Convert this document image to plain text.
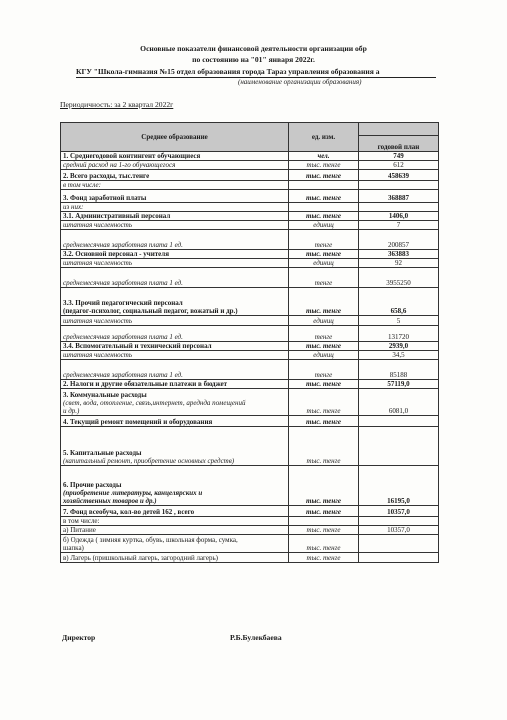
Основные показатели финансовой деятельности организации обр
по состоянию на "01" января 2022г.
КГУ "Школа-гимназия №15 отдел образования города Тараз управления образования а
(наименование организации образования)
Периодичность: за 2 квартал 2022г
Среднее образование	ед. изм.	
		годовой план

1. Среднегодовой контингент обучающиеся	чел.	749

средний расход на 1-го обучающегося	тыс. тенге	612

2. Всего расходы, тыс.тенге	тыс. тенге	458639

в том числе:		

3. Фонд заработной платы	тыс. тенге	368887

из них:		

3.1. Административный персонал	тыс. тенге	1406,0

штатная численность	единиц	7

среднемесячная заработная плата 1 ед.	тенге	200857

3.2. Основной персонал - учителя	тыс. тенге	363883

штатная численность	единиц	92

среднемесячная заработная плата 1 ед.	тенге	3955250

3.3. Прочий педагогический персонал
(педагог-психолог, социальный педагог, вожатый и др.)	тыс. тенге	658,6

штатная численность	единиц	5

среднемесячная заработная плата 1 ед.	тенге	131720

3.4. Вспомогательный и технический персонал	тыс. тенге	2939,0

штатная численность	единиц	34,5

среднемесячная заработная плата 1 ед.	тенге	85188

2. Налоги и другие обязательные платежи в бюджет	тыс. тенге	57119,0

3. Коммунальные расходы
(свет, вода, отопление, связь,интернет, аредндa помещений
и др.)	тыс. тенге	6081,0

4. Текущий ремонт помещений и оборудования	тыс. тенге	

5. Капитальные расходы
(капитальный ремонт, приобретение основных средств)	тыс. тенге	

6. Прочие расходы
(приобретение литературы, канцелярских и
хозяйственных товаров и др.)	тыс. тенге	16195,0

7. Фонд всеобуча, кол-во детей 162 , всего	тыс. тенге	10357,0

в том числе:		

а) Питание	тыс. тенге	10357,0

б) Одежда ( зимняя куртка, обувь, школьная форма, сумка,
шапка)	тыс. тенге	

в) Лагерь (пришкольный лагерь, загородний лагерь)	тыс. тенге	
Директор	Р.Б.Булекбаева
